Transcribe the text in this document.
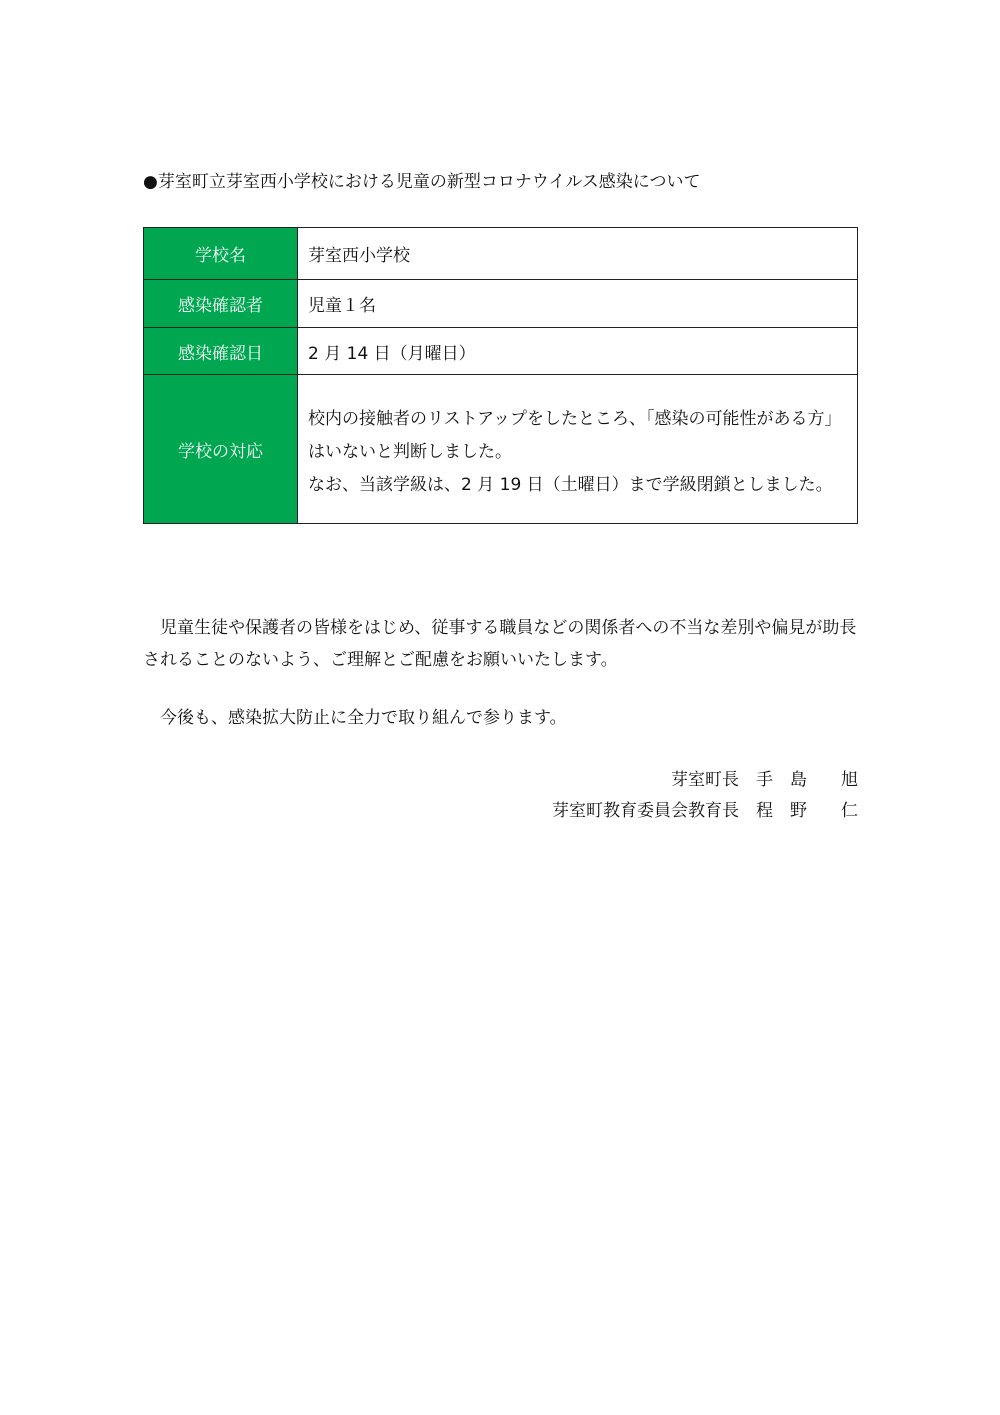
●芽室町立芽室西小学校における児童の新型コロナウイルス感染について
学校名	芽室西小学校
感染確認者	児童１名
感染確認日	2 月 14 日（月曜日）
学校の対応	校内の接触者のリストアップをしたところ、「感染の可能性がある方」
はいないと判断しました。
なお、当該学級は、2 月 19 日（土曜日）まで学級閉鎖としました。
　児童生徒や保護者の皆様をはじめ、従事する職員などの関係者への不当な差別や偏見が助長されることのないよう、ご理解とご配慮をお願いいたします。
　今後も、感染拡大防止に全力で取り組んで参ります。
芽室町長　手　島　　旭
芽室町教育委員会教育長　程　野　　仁
